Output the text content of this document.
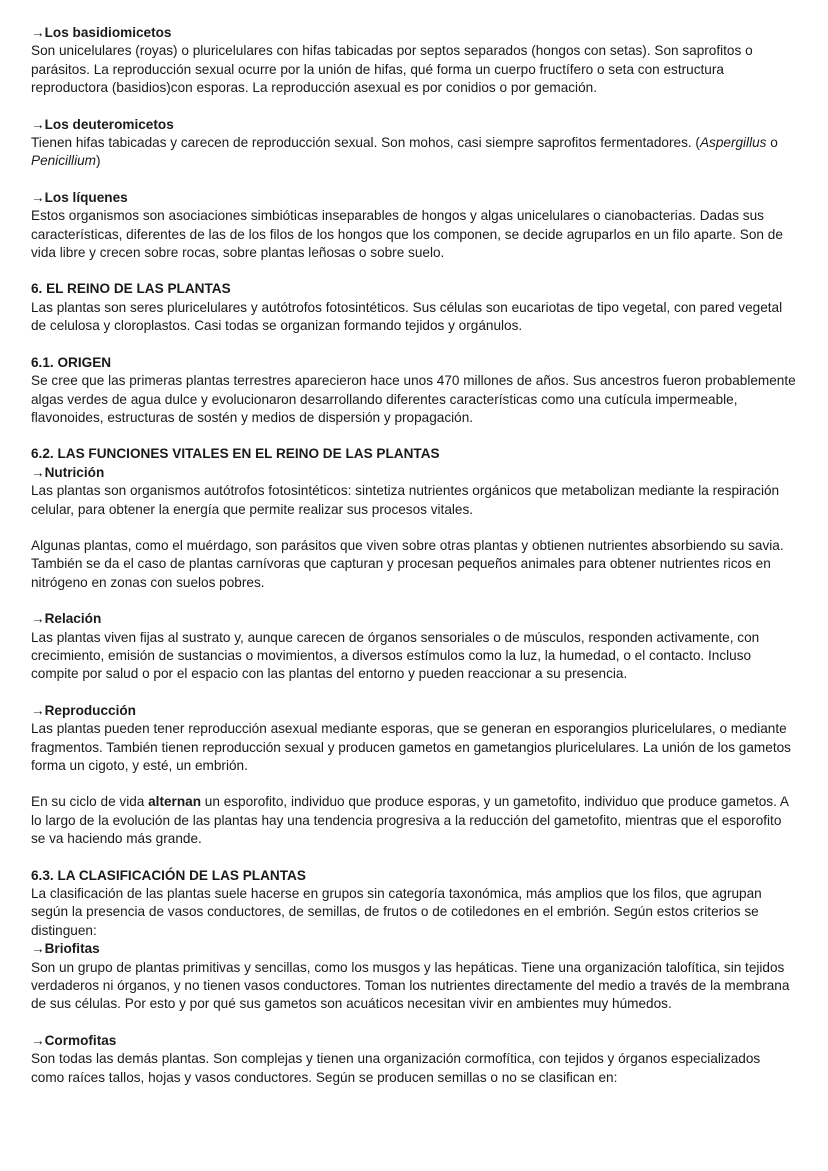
→Los basidiomicetos

Son unicelulares (royas) o pluricelulares con hifas tabicadas por septos separados (hongos con setas). Son saprofitos o parásitos. La reproducción sexual ocurre por la unión de hifas, qué forma un cuerpo fructífero o seta con estructura reproductora (basidios)con esporas. La reproducción asexual es por conidios o por gemación.

→Los deuteromicetos

Tienen hifas tabicadas y carecen de reproducción sexual. Son mohos, casi siempre saprofitos fermentadores. (Aspergillus o Penicillium)

→Los líquenes

Estos organismos son asociaciones simbióticas inseparables de hongos y algas unicelulares o cianobacterias. Dadas sus características, diferentes de las de los filos de los hongos que los componen, se decide agruparlos en un filo aparte. Son de vida libre y crecen sobre rocas, sobre plantas leñosas o sobre suelo.

6. EL REINO DE LAS PLANTAS

Las plantas son seres pluricelulares y autótrofos fotosintéticos. Sus células son eucariotas de tipo vegetal, con pared vegetal de celulosa y cloroplastos. Casi todas se organizan formando tejidos y orgánulos.

6.1. ORIGEN

Se cree que las primeras plantas terrestres aparecieron hace unos 470 millones de años. Sus ancestros fueron probablemente algas verdes de agua dulce y evolucionaron desarrollando diferentes características como una cutícula impermeable, flavonoides, estructuras de sostén y medios de dispersión y propagación.

6.2. LAS FUNCIONES VITALES EN EL REINO DE LAS PLANTAS
→Nutrición

Las plantas son organismos autótrofos fotosintéticos: sintetiza nutrientes orgánicos que metabolizan mediante la respiración celular, para obtener la energía que permite realizar sus procesos vitales.

Algunas plantas, como el muérdago, son parásitos que viven sobre otras plantas y obtienen nutrientes absorbiendo su savia. También se da el caso de plantas carnívoras que capturan y procesan pequeños animales para obtener nutrientes ricos en nitrógeno en zonas con suelos pobres.

→Relación

Las plantas viven fijas al sustrato y, aunque carecen de órganos sensoriales o de músculos, responden activamente, con crecimiento, emisión de sustancias o movimientos, a diversos estímulos como la luz, la humedad, o el contacto. Incluso compite por salud o por el espacio con las plantas del entorno y pueden reaccionar a su presencia.

→Reproducción

Las plantas pueden tener reproducción asexual mediante esporas, que se generan en esporangios pluricelulares, o mediante fragmentos. También tienen reproducción sexual y producen gametos en gametangios pluricelulares. La unión de los gametos forma un cigoto, y esté, un embrión.

En su ciclo de vida alternan un esporofito, individuo que produce esporas, y un gametofito, individuo que produce gametos. A lo largo de la evolución de las plantas hay una tendencia progresiva a la reducción del gametofito, mientras que el esporofito se va haciendo más grande.

6.3. LA CLASIFICACIÓN DE LAS PLANTAS

La clasificación de las plantas suele hacerse en grupos sin categoría taxonómica, más amplios que los filos, que agrupan según la presencia de vasos conductores, de semillas, de frutos o de cotiledones en el embrión. Según estos criterios se distinguen:

→Briofitas

Son un grupo de plantas primitivas y sencillas, como los musgos y las hepáticas. Tiene una organización talofítica, sin tejidos verdaderos ni órganos, y no tienen vasos conductores. Toman los nutrientes directamente del medio a través de la membrana de sus células. Por esto y por qué sus gametos son acuáticos necesitan vivir en ambientes muy húmedos.

→Cormofitas

Son todas las demás plantas. Son complejas y tienen una organización cormofítica, con tejidos y órganos especializados como raíces tallos, hojas y vasos conductores. Según se producen semillas o no se clasifican en:
